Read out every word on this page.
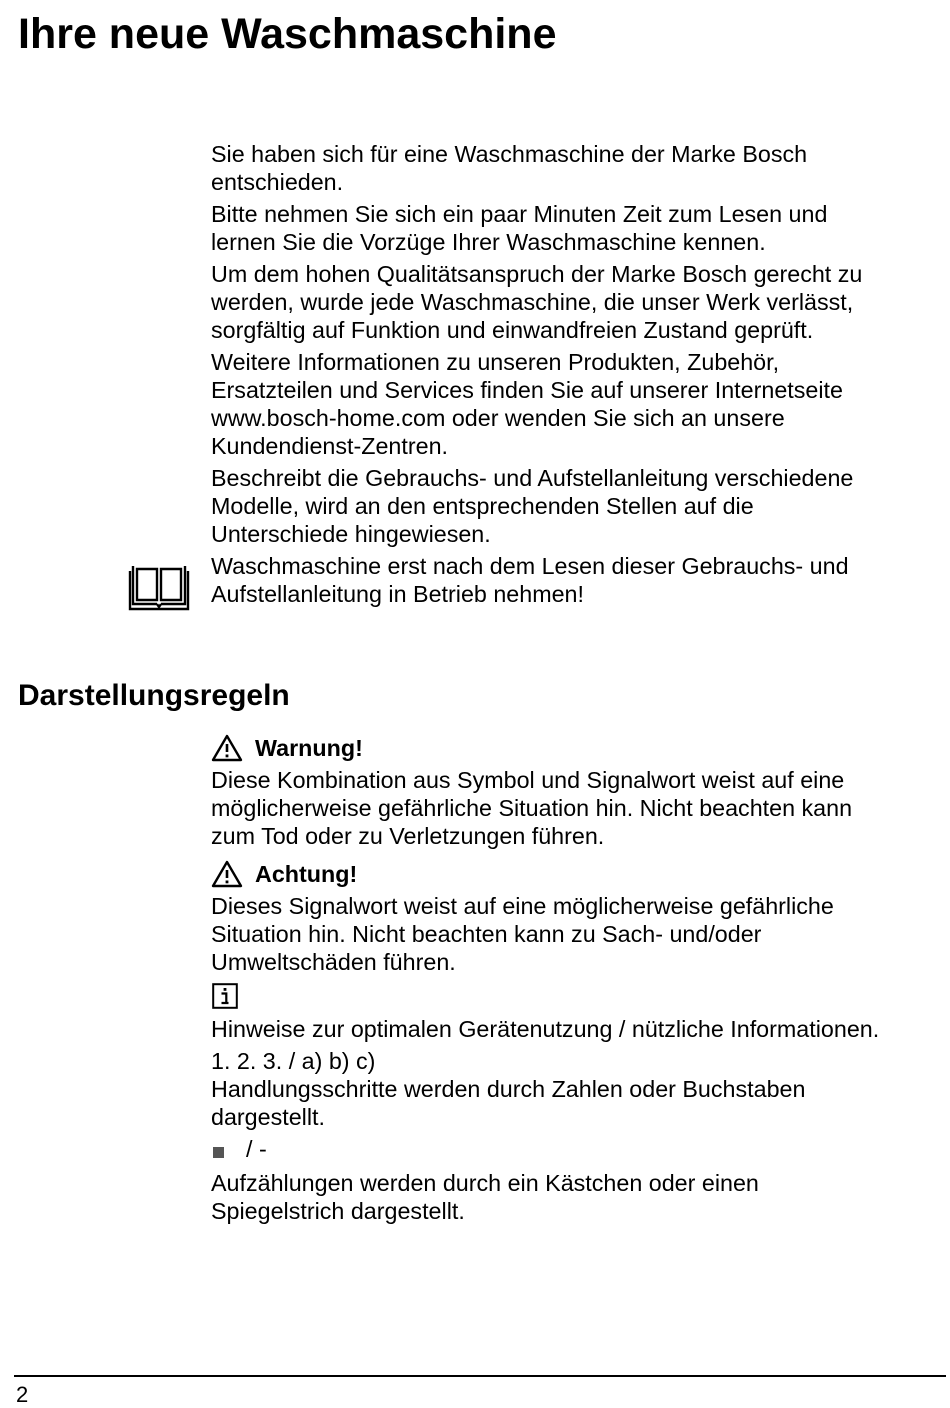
Ihre neue Waschmaschine
Sie haben sich für eine Waschmaschine der Marke Bosch
entschieden.
Bitte nehmen Sie sich ein paar Minuten Zeit zum Lesen und
lernen Sie die Vorzüge Ihrer Waschmaschine kennen.
Um dem hohen Qualitätsanspruch der Marke Bosch gerecht zu
werden, wurde jede Waschmaschine, die unser Werk verlässt,
sorgfältig auf Funktion und einwandfreien Zustand geprüft.
Weitere Informationen zu unseren Produkten, Zubehör,
Ersatzteilen und Services finden Sie auf unserer Internetseite
www.bosch-home.com oder wenden Sie sich an unsere
Kundendienst-Zentren.
Beschreibt die Gebrauchs- und Aufstellanleitung verschiedene
Modelle, wird an den entsprechenden Stellen auf die
Unterschiede hingewiesen.
Waschmaschine erst nach dem Lesen dieser Gebrauchs- und
Aufstellanleitung in Betrieb nehmen!
Darstellungsregeln
Warnung!
Diese Kombination aus Symbol und Signalwort weist auf eine
möglicherweise gefährliche Situation hin. Nicht beachten kann
zum Tod oder zu Verletzungen führen.
Achtung!
Dieses Signalwort weist auf eine möglicherweise gefährliche
Situation hin. Nicht beachten kann zu Sach- und/oder
Umweltschäden führen.
Hinweise zur optimalen Gerätenutzung / nützliche Informationen.
1. 2. 3. / a) b) c)
Handlungsschritte werden durch Zahlen oder Buchstaben
dargestellt.
/ -
Aufzählungen werden durch ein Kästchen oder einen
Spiegelstrich dargestellt.
2
